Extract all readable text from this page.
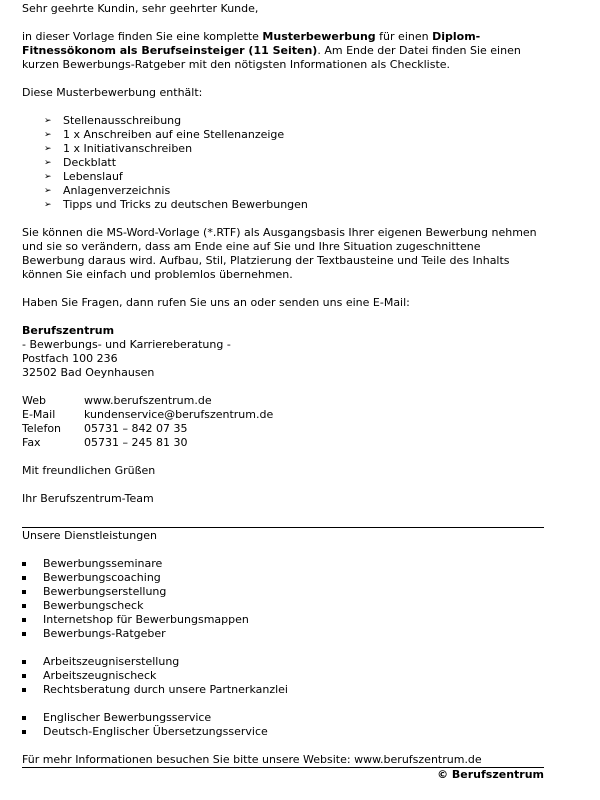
Sehr geehrte Kundin, sehr geehrter Kunde,

in dieser Vorlage finden Sie eine komplette Musterbewerbung für einen Diplom-Fitnessökonom als Berufseinsteiger (11 Seiten). Am Ende der Datei finden Sie einen kurzen Bewerbungs-Ratgeber mit den nötigsten Informationen als Checkliste.

Diese Musterbewerbung enthält:

➢ Stellenausschreibung
➢ 1 x Anschreiben auf eine Stellenanzeige
➢ 1 x Initiativanschreiben
➢ Deckblatt
➢ Lebenslauf
➢ Anlagenverzeichnis
➢ Tipps und Tricks zu deutschen Bewerbungen

Sie können die MS-Word-Vorlage (*.RTF) als Ausgangsbasis Ihrer eigenen Bewerbung nehmen und sie so verändern, dass am Ende eine auf Sie und Ihre Situation zugeschnittene Bewerbung daraus wird. Aufbau, Stil, Platzierung der Textbausteine und Teile des Inhalts können Sie einfach und problemlos übernehmen.

Haben Sie Fragen, dann rufen Sie uns an oder senden uns eine E-Mail:

Berufszentrum

- Bewerbungs- und Karriereberatung -

Postfach 100 236

32502 Bad Oeynhausen

Web	www.berufszentrum.de
E-Mail	kundenservice@berufszentrum.de
Telefon	05731 – 842 07 35
Fax	05731 – 245 81 30

Mit freundlichen Grüßen

Ihr Berufszentrum-Team

Unsere Dienstleistungen

Bewerbungsseminare
Bewerbungscoaching
Bewerbungserstellung
Bewerbungscheck
Internetshop für Bewerbungsmappen
Bewerbungs-Ratgeber
Arbeitszeugniserstellung
Arbeitszeugnischeck
Rechtsberatung durch unsere Partnerkanzlei
Englischer Bewerbungsservice
Deutsch-Englischer Übersetzungsservice

Für mehr Informationen besuchen Sie bitte unsere Website: www.berufszentrum.de

© Berufszentrum
